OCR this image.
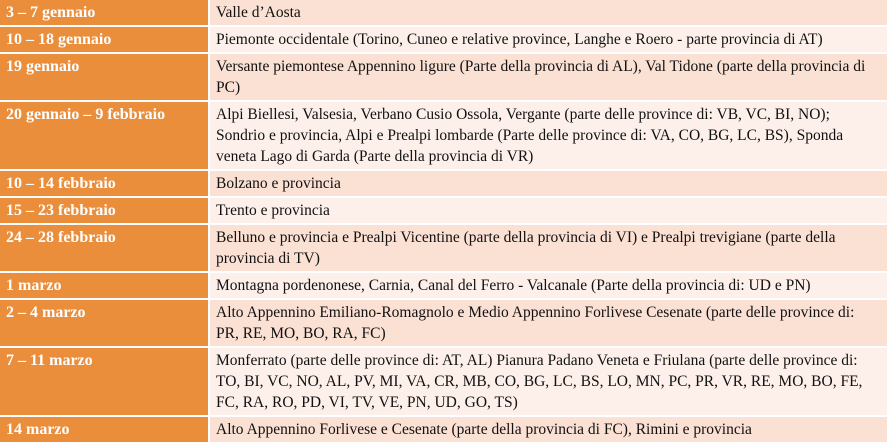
3 – 7 gennaio	Valle d’Aosta
10 – 18 gennaio	Piemonte occidentale (Torino, Cuneo e relative province, Langhe e Roero - parte provincia di AT)
19 gennaio	Versante piemontese Appennino ligure (Parte della provincia di AL), Val Tidone (parte della provincia di PC)
20 gennaio – 9 febbraio	Alpi Biellesi, Valsesia, Verbano Cusio Ossola, Vergante (parte delle province di: VB, VC, BI, NO); Sondrio e provincia, Alpi e Prealpi lombarde (Parte delle province di: VA, CO, BG, LC, BS), Sponda veneta Lago di Garda (Parte della provincia di VR)
10 – 14 febbraio	Bolzano e provincia
15 – 23 febbraio	Trento e provincia
24 – 28 febbraio	Belluno e provincia e Prealpi Vicentine (parte della provincia di VI) e Prealpi trevigiane (parte della provincia di TV)
1 marzo	Montagna pordenonese, Carnia, Canal del Ferro - Valcanale (Parte della provincia di: UD e PN)
2 – 4 marzo	Alto Appennino Emiliano-Romagnolo e Medio Appennino Forlivese Cesenate (parte delle province di: PR, RE, MO, BO, RA, FC)
7 – 11 marzo	Monferrato (parte delle province di: AT, AL) Pianura Padano Veneta e Friulana (parte delle province di: TO, BI, VC, NO, AL, PV, MI, VA, CR, MB, CO, BG, LC, BS, LO, MN, PC, PR, VR, RE, MO, BO, FE, FC, RA, RO, PD, VI, TV, VE, PN, UD, GO, TS)
14 marzo	Alto Appennino Forlivese e Cesenate (parte della provincia di FC), Rimini e provincia
